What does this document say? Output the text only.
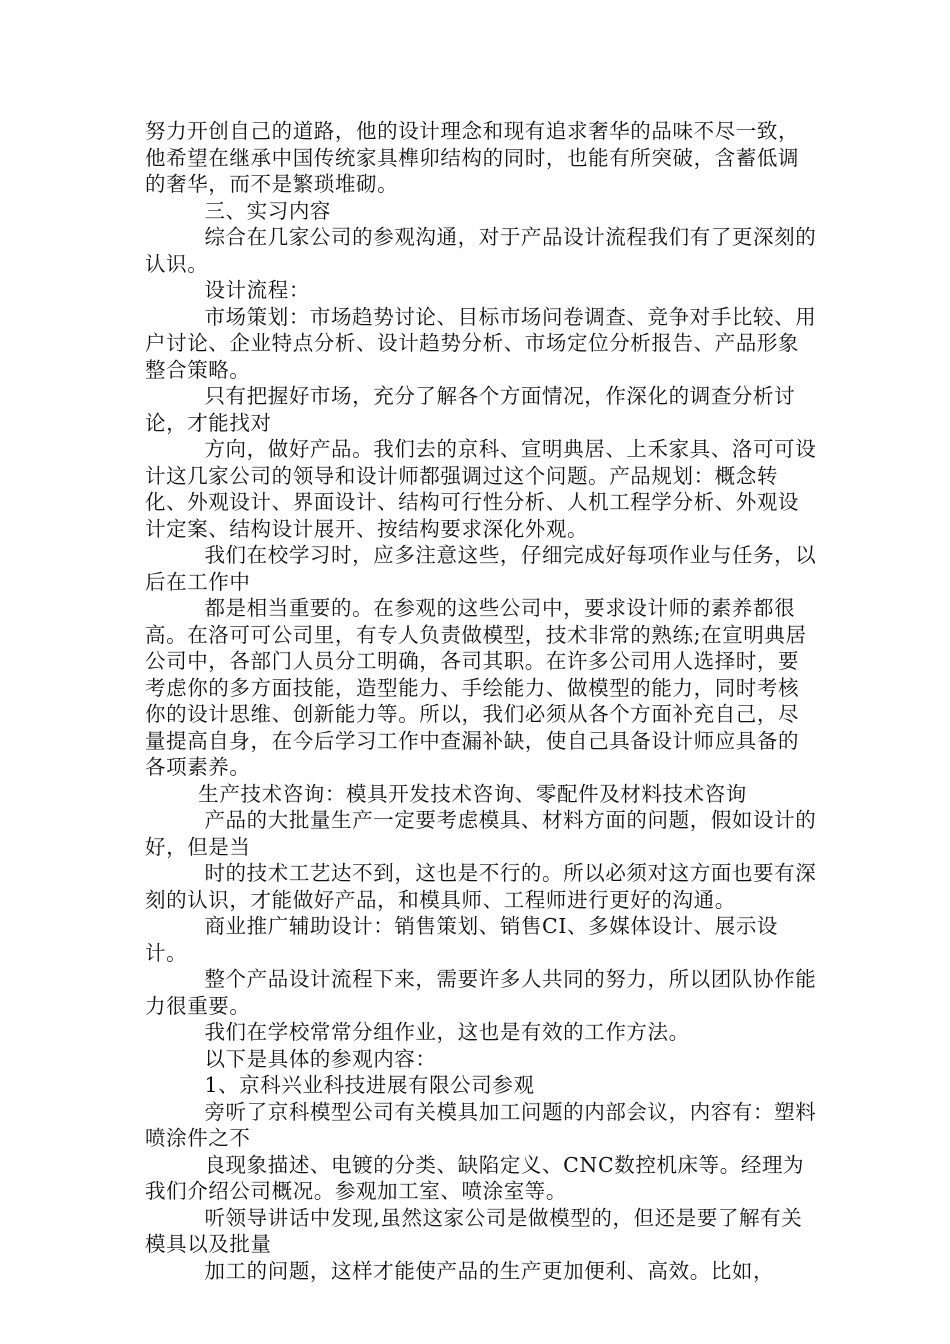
努力开创自己的道路，他的设计理念和现有追求奢华的品味不尽一致，他希望在继承中国传统家具榫卯结构的同时，也能有所突破，含蓄低调的奢华，而不是繁琐堆砌。

三、实习内容

综合在几家公司的参观沟通，对于产品设计流程我们有了更深刻的认识。

设计流程：

市场策划：市场趋势讨论、目标市场问卷调查、竞争对手比较、用户讨论、企业特点分析、设计趋势分析、市场定位分析报告、产品形象整合策略。

只有把握好市场，充分了解各个方面情况，作深化的调查分析讨论，才能找对

方向，做好产品。我们去的京科、宣明典居、上禾家具、洛可可设计这几家公司的领导和设计师都强调过这个问题。产品规划：概念转化、外观设计、界面设计、结构可行性分析、人机工程学分析、外观设计定案、结构设计展开、按结构要求深化外观。

我们在校学习时，应多注意这些，仔细完成好每项作业与任务，以后在工作中

都是相当重要的。在参观的这些公司中，要求设计师的素养都很高。在洛可可公司里，有专人负责做模型，技术非常的熟练;在宣明典居公司中，各部门人员分工明确，各司其职。在许多公司用人选择时，要考虑你的多方面技能，造型能力、手绘能力、做模型的能力，同时考核你的设计思维、创新能力等。所以，我们必须从各个方面补充自己，尽量提高自身，在今后学习工作中查漏补缺，使自己具备设计师应具备的各项素养。

生产技术咨询：模具开发技术咨询、零配件及材料技术咨询

产品的大批量生产一定要考虑模具、材料方面的问题，假如设计的好，但是当

时的技术工艺达不到，这也是不行的。所以必须对这方面也要有深刻的认识，才能做好产品，和模具师、工程师进行更好的沟通。

商业推广辅助设计：销售策划、销售CI、多媒体设计、展示设计。

整个产品设计流程下来，需要许多人共同的努力，所以团队协作能力很重要。

我们在学校常常分组作业，这也是有效的工作方法。

以下是具体的参观内容：

1、京科兴业科技进展有限公司参观

旁听了京科模型公司有关模具加工问题的内部会议，内容有：塑料喷涂件之不

良现象描述、电镀的分类、缺陷定义、CNC数控机床等。经理为我们介绍公司概况。参观加工室、喷涂室等。

听领导讲话中发现,虽然这家公司是做模型的，但还是要了解有关模具以及批量

加工的问题，这样才能使产品的生产更加便利、高效。比如，
